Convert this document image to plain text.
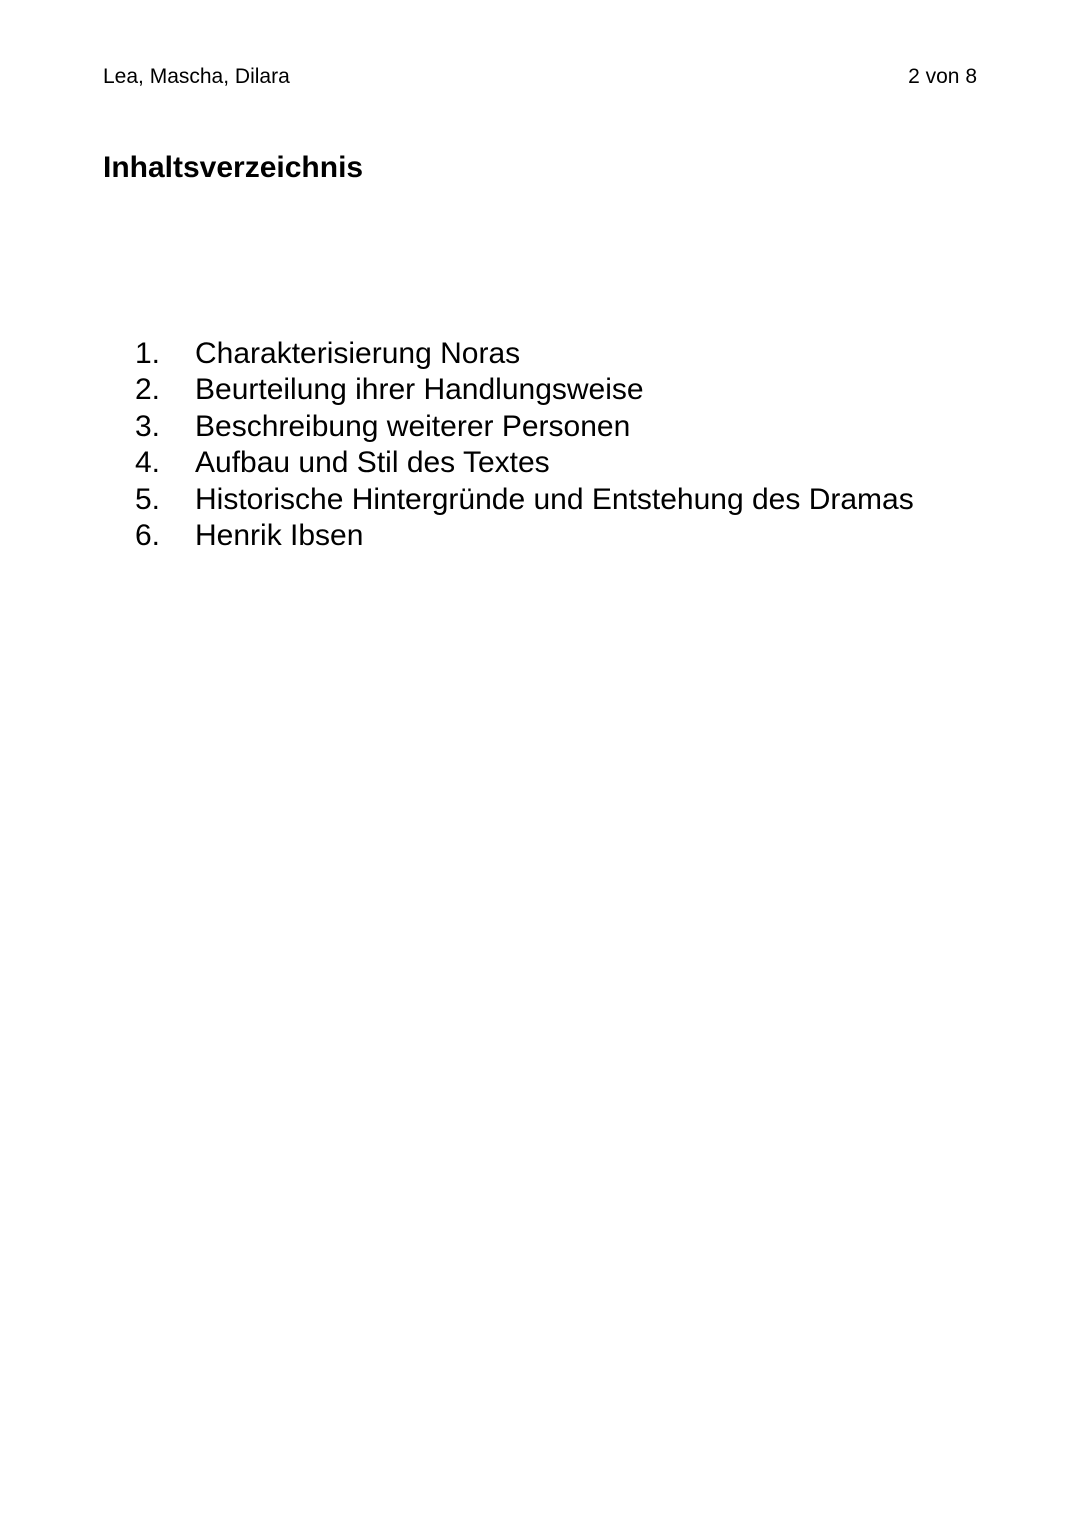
Lea, Mascha, Dilara	2 von 8
Inhaltsverzeichnis
1.	Charakterisierung Noras
2.	Beurteilung ihrer Handlungsweise
3.	Beschreibung weiterer Personen
4.	Aufbau und Stil des Textes
5.	Historische Hintergründe und Entstehung des Dramas
6.	Henrik Ibsen
